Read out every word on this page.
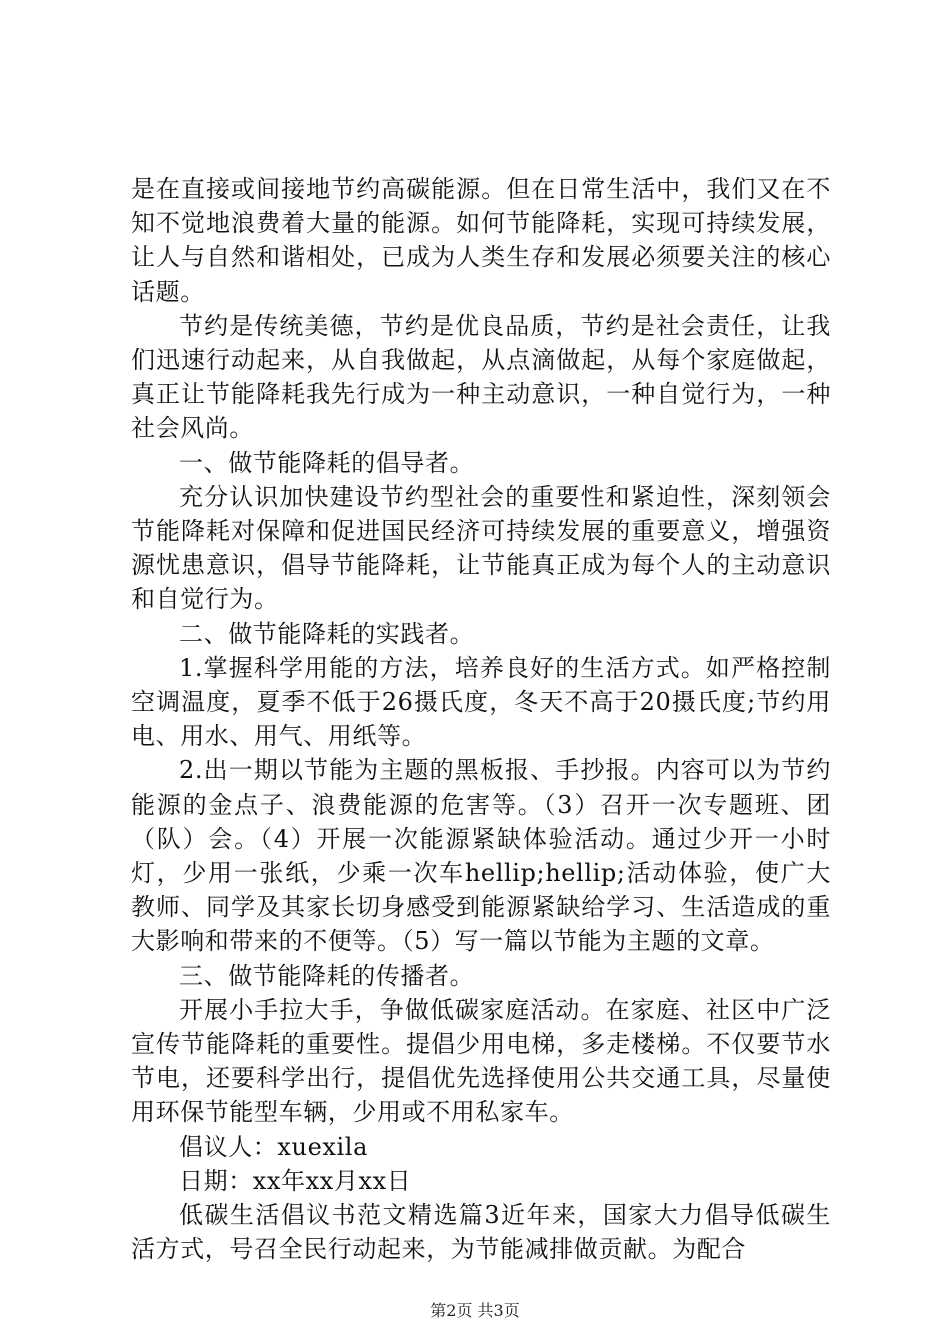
是在直接或间接地节约高碳能源。但在日常生活中，我们又在不知不觉地浪费着大量的能源。如何节能降耗，实现可持续发展，让人与自然和谐相处，已成为人类生存和发展必须要关注的核心话题。

节约是传统美德，节约是优良品质，节约是社会责任，让我们迅速行动起来，从自我做起，从点滴做起，从每个家庭做起，真正让节能降耗我先行成为一种主动意识，一种自觉行为，一种社会风尚。

一、做节能降耗的倡导者。

充分认识加快建设节约型社会的重要性和紧迫性，深刻领会节能降耗对保障和促进国民经济可持续发展的重要意义，增强资源忧患意识，倡导节能降耗，让节能真正成为每个人的主动意识和自觉行为。

二、做节能降耗的实践者。

1.掌握科学用能的方法，培养良好的生活方式。如严格控制空调温度，夏季不低于26摄氏度，冬天不高于20摄氏度;节约用电、用水、用气、用纸等。

2.出一期以节能为主题的黑板报、手抄报。内容可以为节约能源的金点子、浪费能源的危害等。（3）召开一次专题班、团（队）会。（4）开展一次能源紧缺体验活动。通过少开一小时灯，少用一张纸，少乘一次车hellip;hellip;活动体验，使广大教师、同学及其家长切身感受到能源紧缺给学习、生活造成的重大影响和带来的不便等。（5）写一篇以节能为主题的文章。

三、做节能降耗的传播者。

开展小手拉大手，争做低碳家庭活动。在家庭、社区中广泛宣传节能降耗的重要性。提倡少用电梯，多走楼梯。不仅要节水节电，还要科学出行，提倡优先选择使用公共交通工具，尽量使用环保节能型车辆，少用或不用私家车。

倡议人：xuexila

日期：xx年xx月xx日

低碳生活倡议书范文精选篇3近年来，国家大力倡导低碳生活方式，号召全民行动起来，为节能减排做贡献。为配合

第2页 共3页
